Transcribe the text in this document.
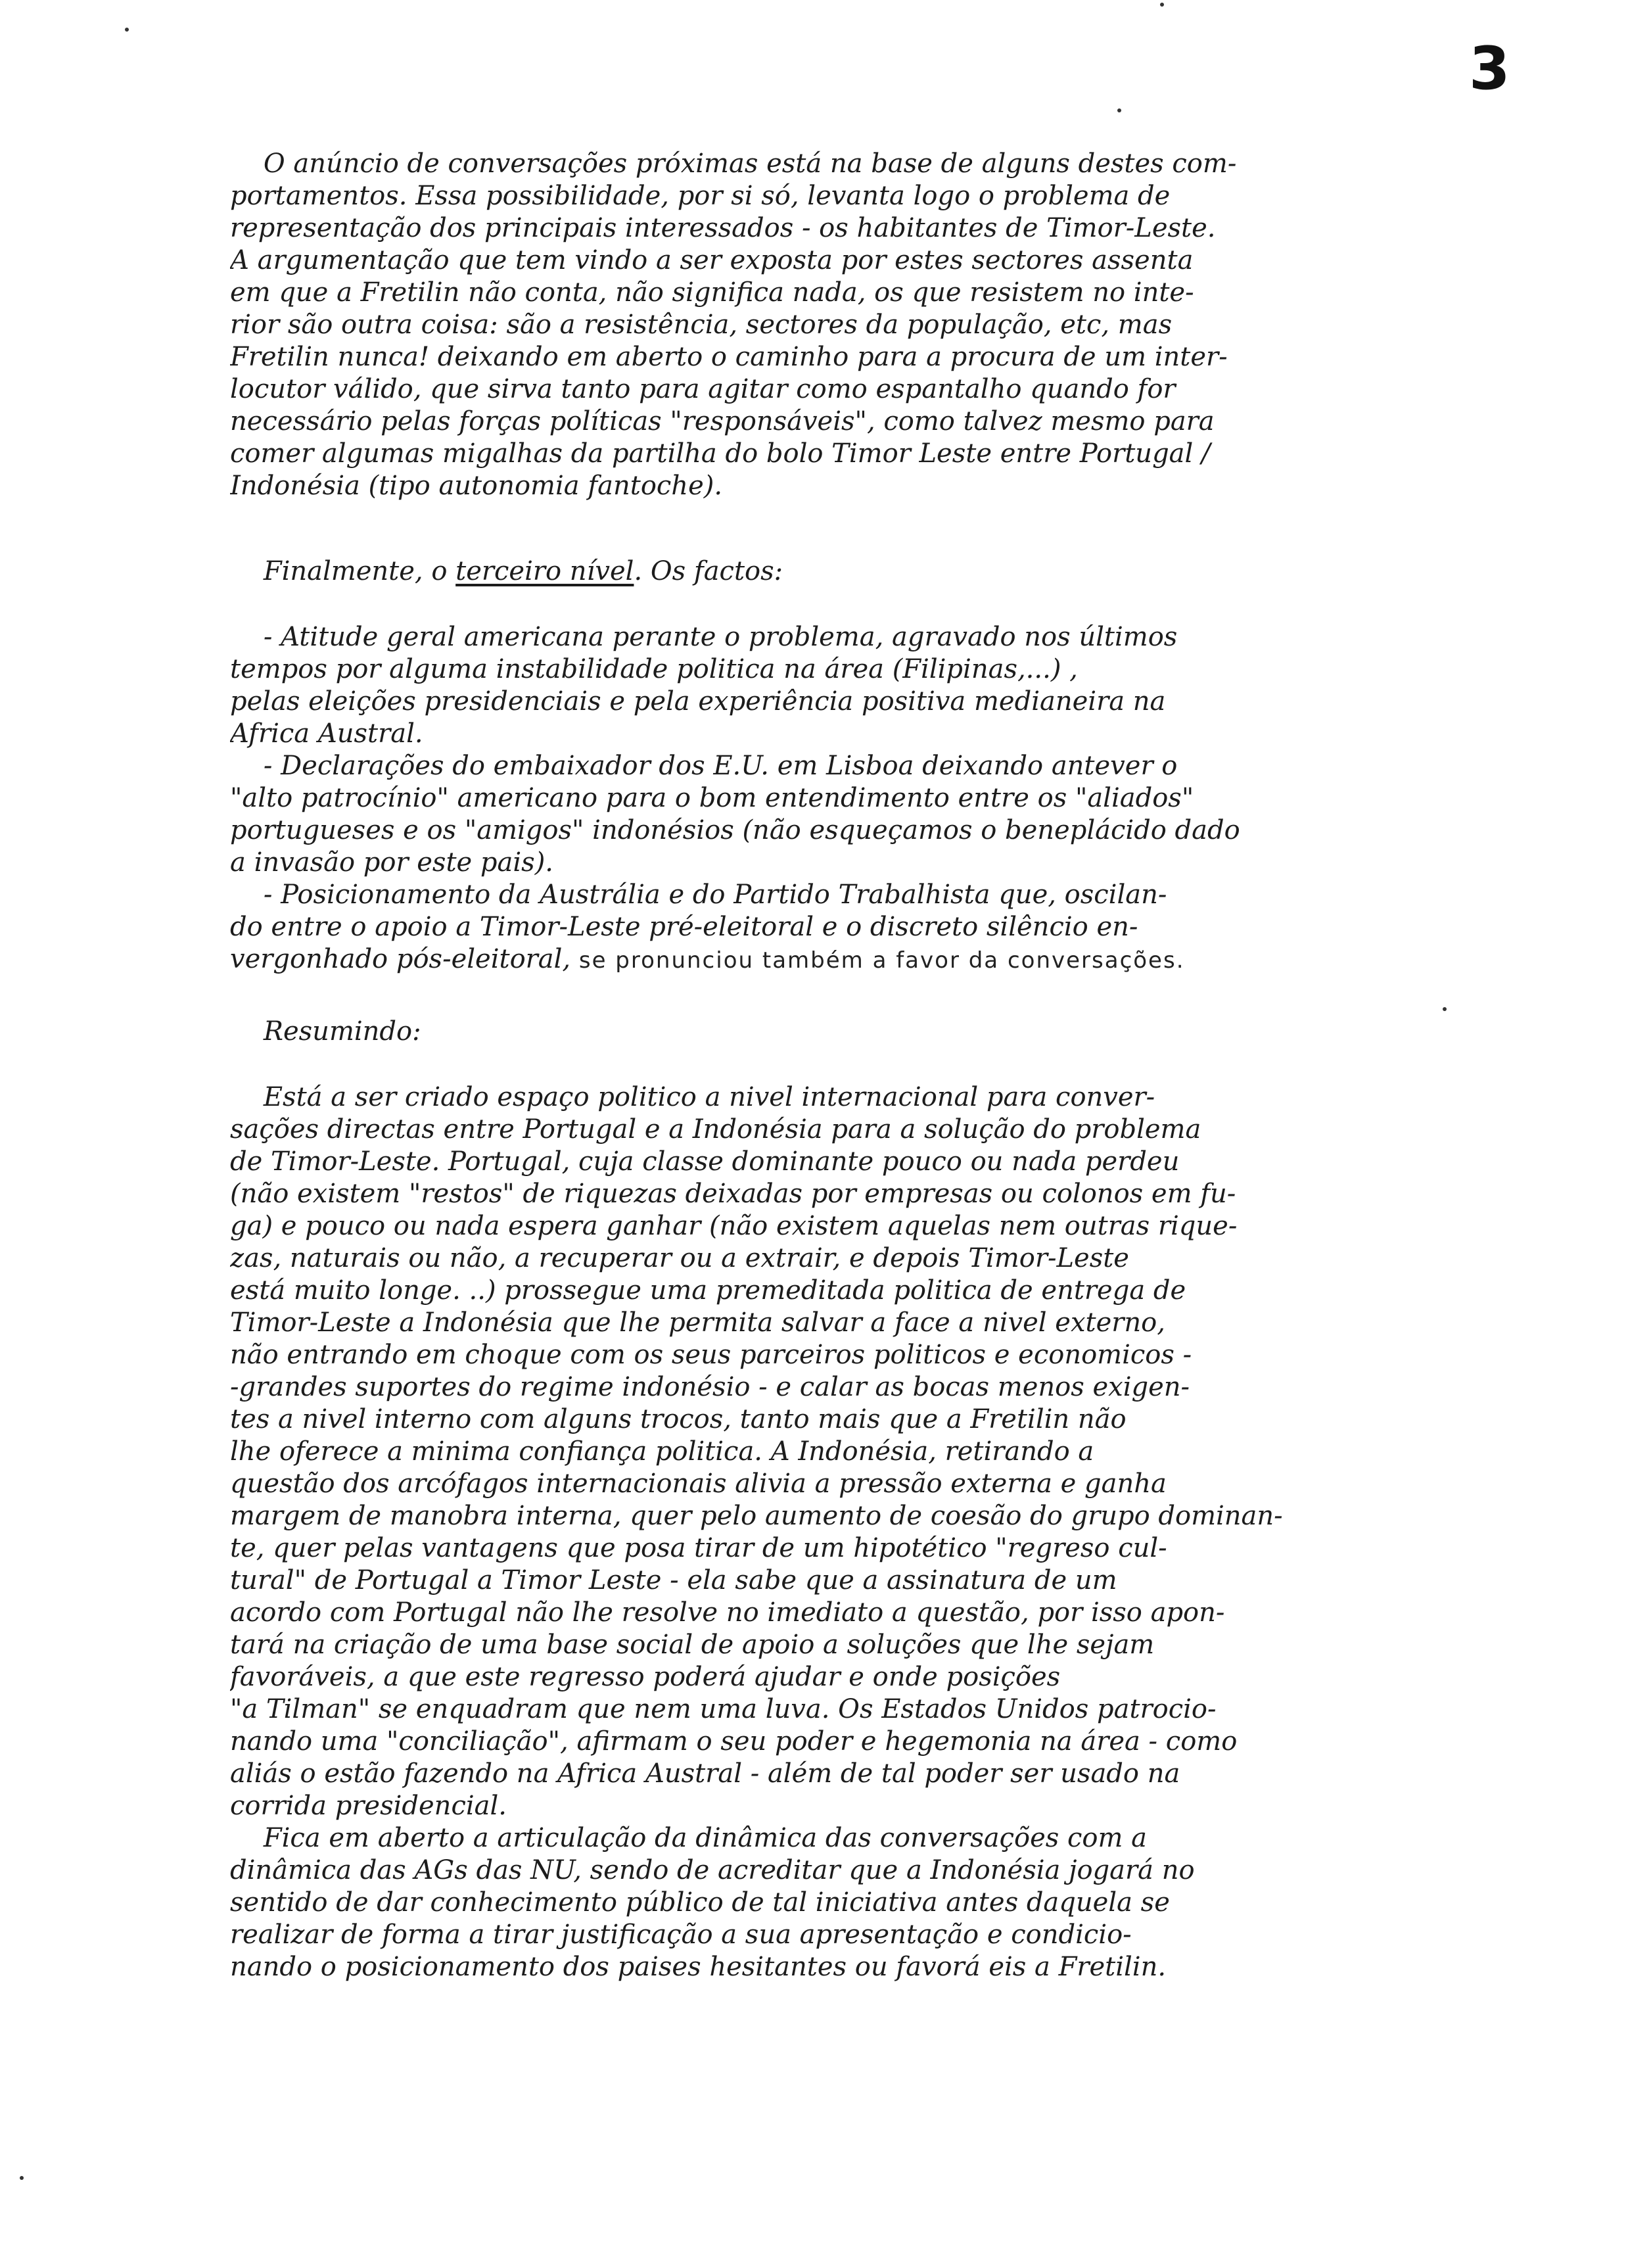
3
O anúncio de conversações próximas está na base de alguns destes com-
portamentos. Essa possibilidade, por si só, levanta logo o problema de
representação dos principais interessados - os habitantes de Timor-Leste.
A argumentação que tem vindo a ser exposta por estes sectores assenta
em que a Fretilin não conta, não significa nada, os que resistem no inte-
rior são outra coisa: são a resistência, sectores da população, etc, mas
Fretilin nunca! deixando em aberto o caminho para a procura de um inter-
locutor válido, que sirva tanto para agitar como espantalho quando for
necessário pelas forças políticas "responsáveis", como talvez mesmo para
comer algumas migalhas da partilha do bolo Timor Leste entre Portugal /
Indonésia (tipo autonomia fantoche).
Finalmente, o terceiro nível. Os factos:
- Atitude geral americana perante o problema, agravado nos últimos
tempos por alguma instabilidade politica na área (Filipinas,...) ,
pelas eleições presidenciais e pela experiência positiva medianeira na
Africa Austral.
- Declarações do embaixador dos E.U. em Lisboa deixando antever o
"alto patrocínio" americano para o bom entendimento entre os "aliados"
portugueses e os "amigos" indonésios (não esqueçamos o beneplácido dado
a invasão por este pais).
- Posicionamento da Austrália e do Partido Trabalhista que, oscilan-
do entre o apoio a Timor-Leste pré-eleitoral e o discreto silêncio en-
vergonhado pós-eleitoral, se pronunciou também a favor da conversações.
Resumindo:
Está a ser criado espaço politico a nivel internacional para conver-
sações directas entre Portugal e a Indonésia para a solução do problema
de Timor-Leste. Portugal, cuja classe dominante pouco ou nada perdeu
(não existem "restos" de riquezas deixadas por empresas ou colonos em fu-
ga) e pouco ou nada espera ganhar (não existem aquelas nem outras rique-
zas, naturais ou não, a recuperar ou a extrair, e depois Timor-Leste
está muito longe. ..) prossegue uma premeditada politica de entrega de
Timor-Leste a Indonésia que lhe permita salvar a face a nivel externo,
não entrando em choque com os seus parceiros politicos e economicos -
-grandes suportes do regime indonésio - e calar as bocas menos exigen-
tes a nivel interno com alguns trocos, tanto mais que a Fretilin não
lhe oferece a minima confiança politica. A Indonésia, retirando a
questão dos arcófagos internacionais alivia a pressão externa e ganha
margem de manobra interna, quer pelo aumento de coesão do grupo dominan-
te, quer pelas vantagens que posa tirar de um hipotético "regreso cul-
tural" de Portugal a Timor Leste - ela sabe que a assinatura de um
acordo com Portugal não lhe resolve no imediato a questão, por isso apon-
tará na criação de uma base social de apoio a soluções que lhe sejam
favoráveis, a que este regresso poderá ajudar e onde posições
"a Tilman" se enquadram que nem uma luva. Os Estados Unidos patrocio-
nando uma "conciliação", afirmam o seu poder e hegemonia na área - como
aliás o estão fazendo na Africa Austral - além de tal poder ser usado na
corrida presidencial.
Fica em aberto a articulação da dinâmica das conversações com a
dinâmica das AGs das NU, sendo de acreditar que a Indonésia jogará no
sentido de dar conhecimento público de tal iniciativa antes daquela se
realizar de forma a tirar justificação a sua apresentação e condicio-
nando o posicionamento dos paises hesitantes ou favorá eis a Fretilin.
